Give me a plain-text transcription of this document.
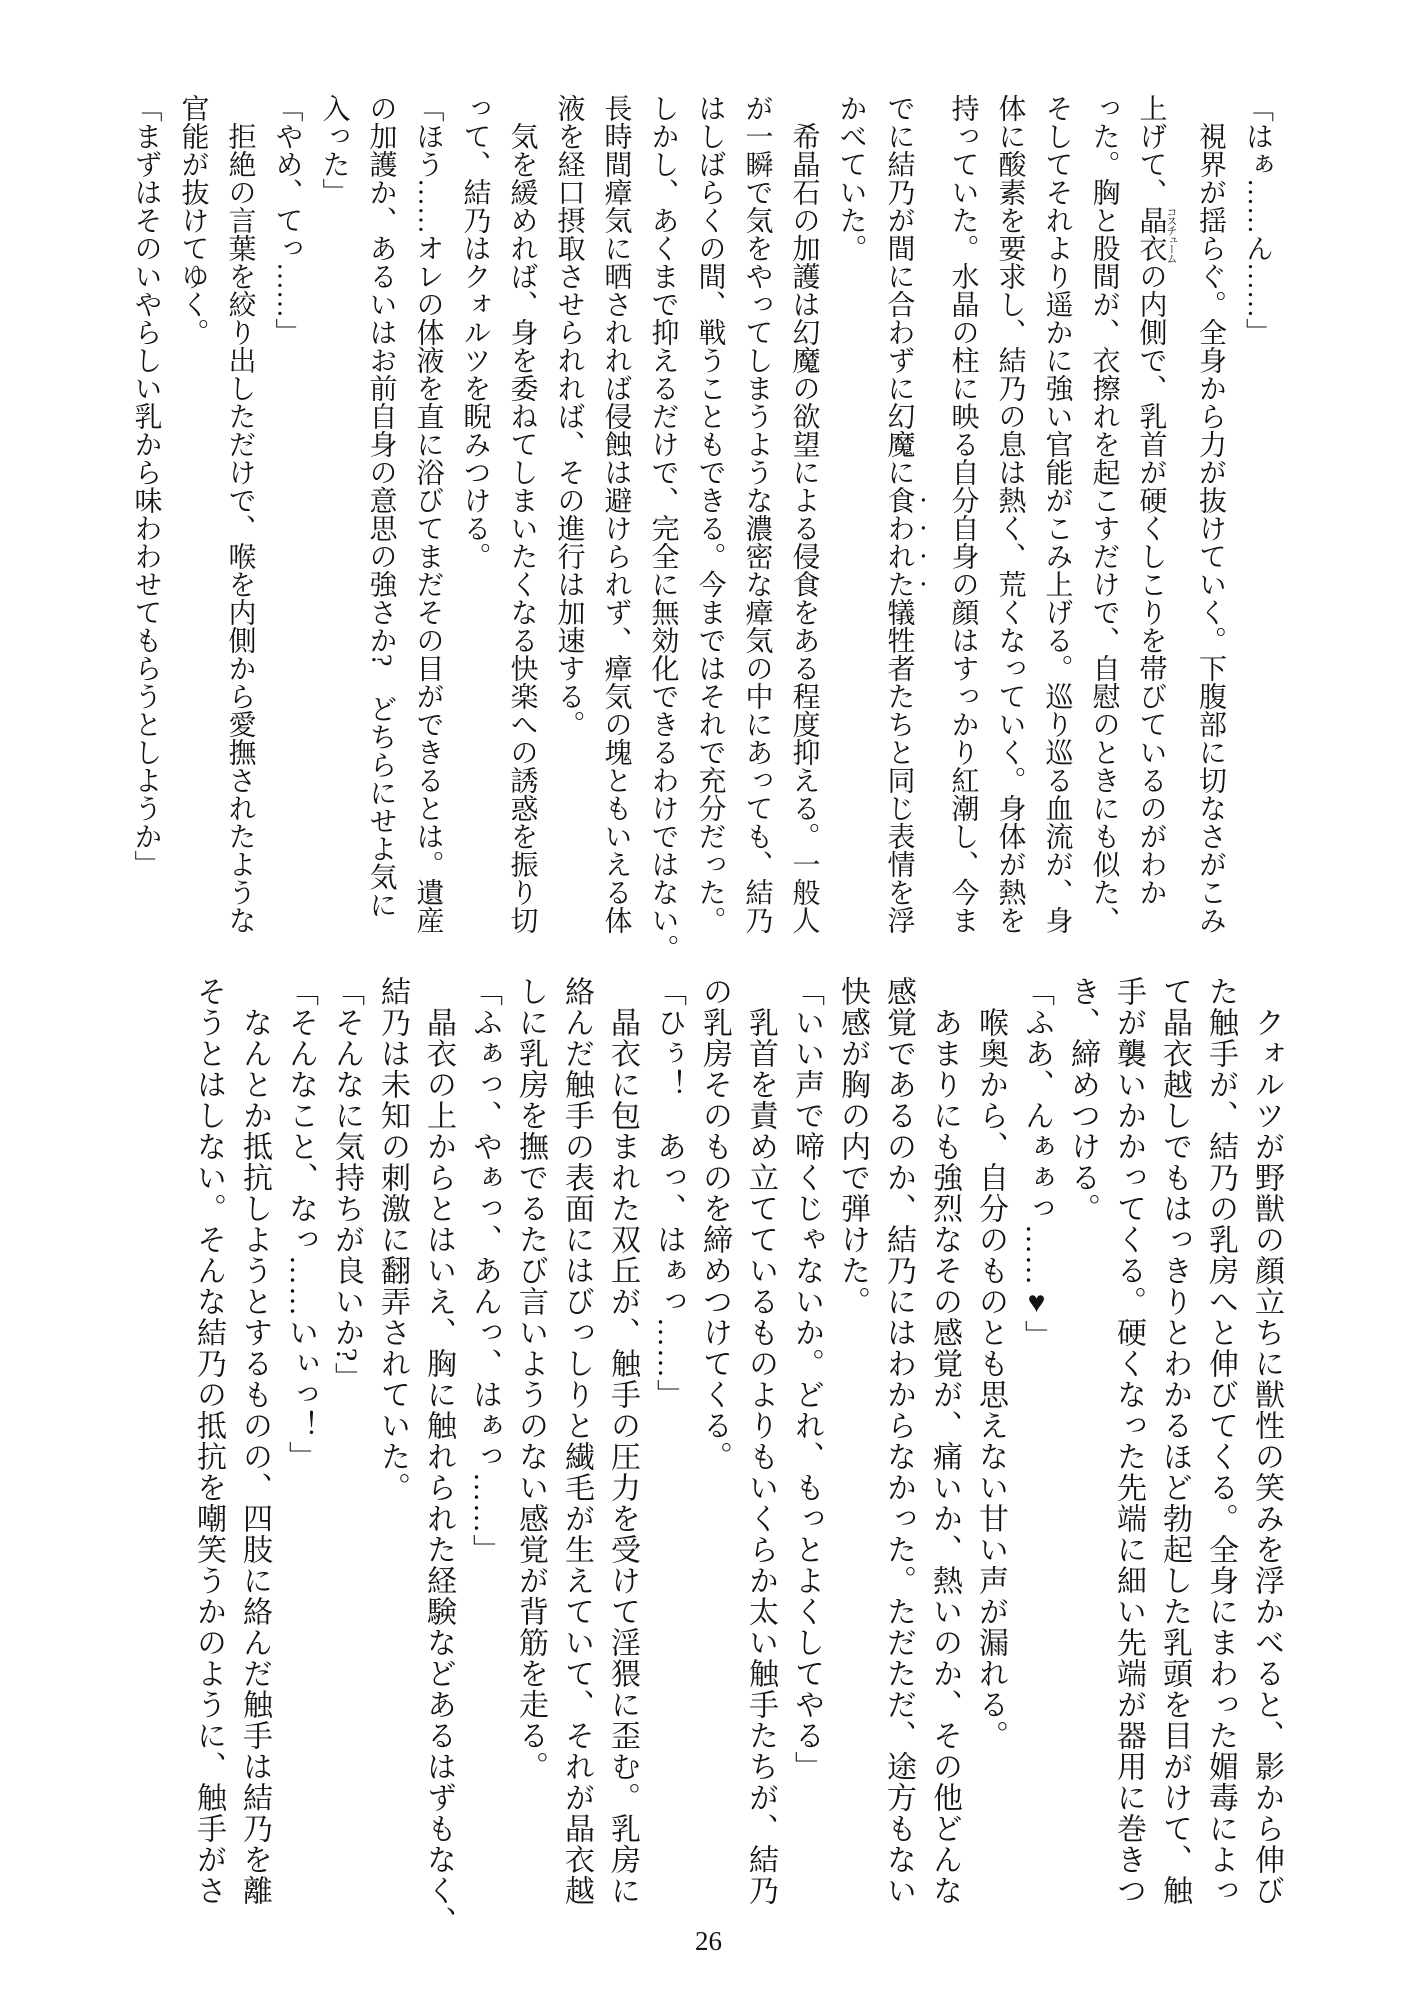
「はぁ……ん……」

　視界が揺らぐ。全身から力が抜けていく。下腹部に切なさがこみ

上げて、晶衣コスチュームの内側で、乳首が硬くしこりを帯びているのがわか

った。胸と股間が、衣擦れを起こすだけで、自慰のときにも似た、

そしてそれより遥かに強い官能がこみ上げる。巡り巡る血流が、身

体に酸素を要求し、結乃の息は熱く、荒くなっていく。身体が熱を

持っていた。水晶の柱に映る自分自身の顔はすっかり紅潮し、今ま

でに結乃が間に合わずに幻魔に食われた犠牲者たちと同じ表情を浮

かべていた。

　希晶石の加護は幻魔の欲望による侵食をある程度抑える。一般人

が一瞬で気をやってしまうような濃密な瘴気の中にあっても、結乃

はしばらくの間、戦うこともできる。今まではそれで充分だった。

しかし、あくまで抑えるだけで、完全に無効化できるわけではない。

長時間瘴気に晒されれば侵蝕は避けられず、瘴気の塊ともいえる体

液を経口摂取させられれば、その進行は加速する。

　気を緩めれば、身を委ねてしまいたくなる快楽への誘惑を振り切

って、結乃はクォルツを睨みつける。

「ほう……オレの体液を直に浴びてまだその目ができるとは。遺産

の加護か、あるいはお前自身の意思の強さか?　どちらにせよ気に

入った」

「やめ、てっ……」

　拒絶の言葉を絞り出しただけで、喉を内側から愛撫されたような

官能が抜けてゆく。

「まずはそのいやらしい乳から味わわせてもらうとしようか」

　クォルツが野獣の顔立ちに獣性の笑みを浮かべると、影から伸び

た触手が、結乃の乳房へと伸びてくる。全身にまわった媚毒によっ

て晶衣越しでもはっきりとわかるほど勃起した乳頭を目がけて、触

手が襲いかかってくる。硬くなった先端に細い先端が器用に巻きつ

き、締めつける。

「ふあ、んぁぁっ……♥」

　喉奥から、自分のものとも思えない甘い声が漏れる。

　あまりにも強烈なその感覚が、痛いか、熱いのか、その他どんな

感覚であるのか、結乃にはわからなかった。ただただ、途方もない

快感が胸の内で弾けた。

「いい声で啼くじゃないか。どれ、もっとよくしてやる」

　乳首を責め立てているものよりもいくらか太い触手たちが、結乃

の乳房そのものを締めつけてくる。

「ひぅ！　あっ、はぁっ……」

　晶衣に包まれた双丘が、触手の圧力を受けて淫猥に歪む。乳房に

絡んだ触手の表面にはびっしりと繊毛が生えていて、それが晶衣越

しに乳房を撫でるたび言いようのない感覚が背筋を走る。

「ふぁっ、やぁっ、あんっ、はぁっ……」

　晶衣の上からとはいえ、胸に触れられた経験などあるはずもなく、

結乃は未知の刺激に翻弄されていた。

「そんなに気持ちが良いか?」

「そんなこと、なっ……いぃっ！」

　なんとか抵抗しようとするものの、四肢に絡んだ触手は結乃を離

そうとはしない。そんな結乃の抵抗を嘲笑うかのように、触手がさ

26
